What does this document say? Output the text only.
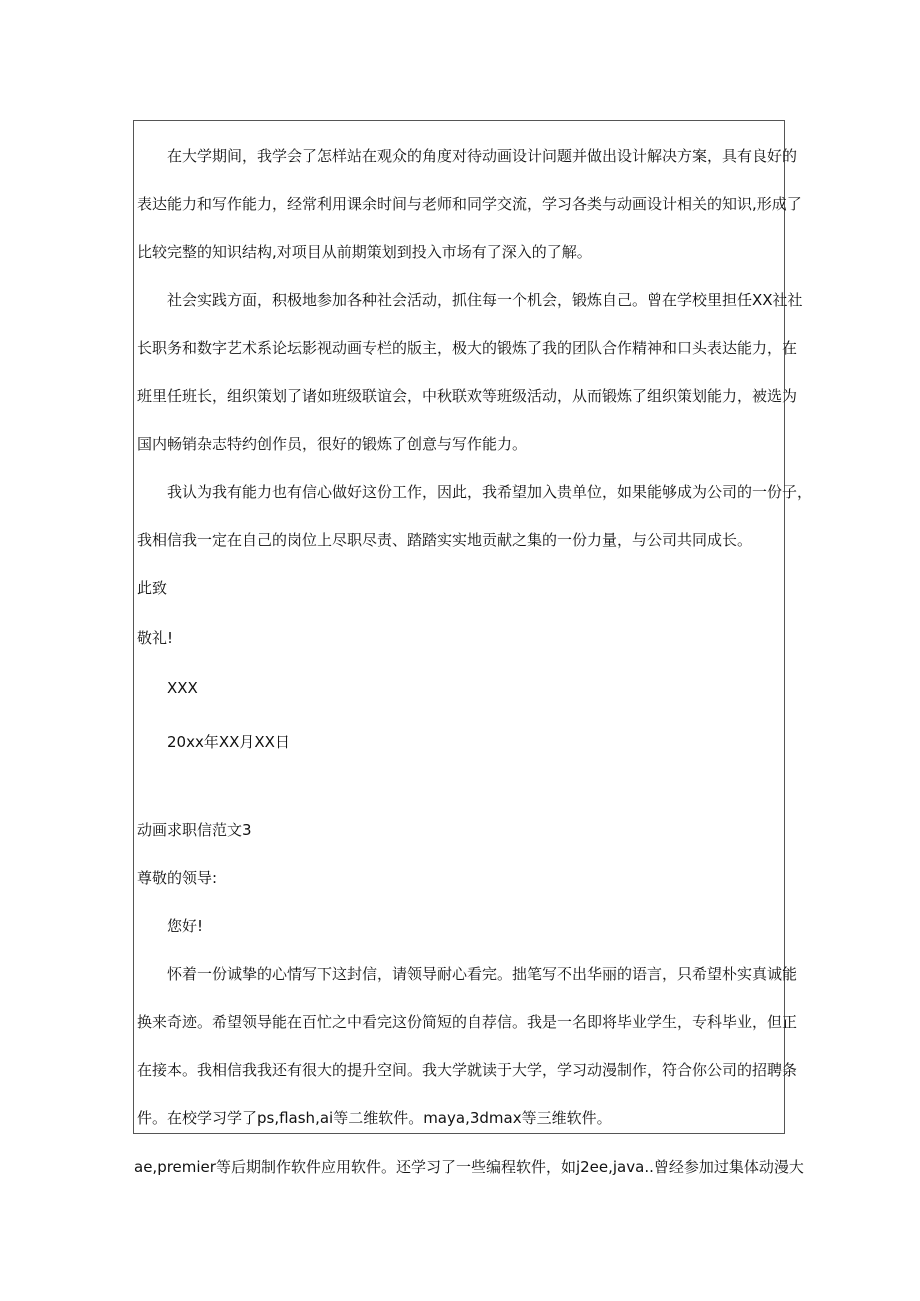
在大学期间，我学会了怎样站在观众的角度对待动画设计问题并做出设计解决方案，具有良好的
表达能力和写作能力，经常利用课余时间与老师和同学交流，学习各类与动画设计相关的知识,形成了
比较完整的知识结构,对项目从前期策划到投入市场有了深入的了解。
社会实践方面，积极地参加各种社会活动，抓住每一个机会，锻炼自己。曾在学校里担任XX社社
长职务和数字艺术系论坛影视动画专栏的版主，极大的锻炼了我的团队合作精神和口头表达能力，在
班里任班长，组织策划了诸如班级联谊会，中秋联欢等班级活动，从而锻炼了组织策划能力，被选为
国内畅销杂志特约创作员，很好的锻炼了创意与写作能力。
我认为我有能力也有信心做好这份工作，因此，我希望加入贵单位，如果能够成为公司的一份子，
我相信我一定在自己的岗位上尽职尽责、踏踏实实地贡献之集的一份力量，与公司共同成长。
此致
敬礼!
XXX
20xx年XX月XX日
动画求职信范文3
尊敬的领导:
您好!
怀着一份诚挚的心情写下这封信，请领导耐心看完。拙笔写不出华丽的语言，只希望朴实真诚能
换来奇迹。希望领导能在百忙之中看完这份简短的自荐信。我是一名即将毕业学生，专科毕业，但正
在接本。我相信我我还有很大的提升空间。我大学就读于大学，学习动漫制作，符合你公司的招聘条
件。在校学习学了ps,flash,ai等二维软件。maya,3dmax等三维软件。
ae,premier等后期制作软件应用软件。还学习了一些编程软件，如j2ee,java..曾经参加过集体动漫大
